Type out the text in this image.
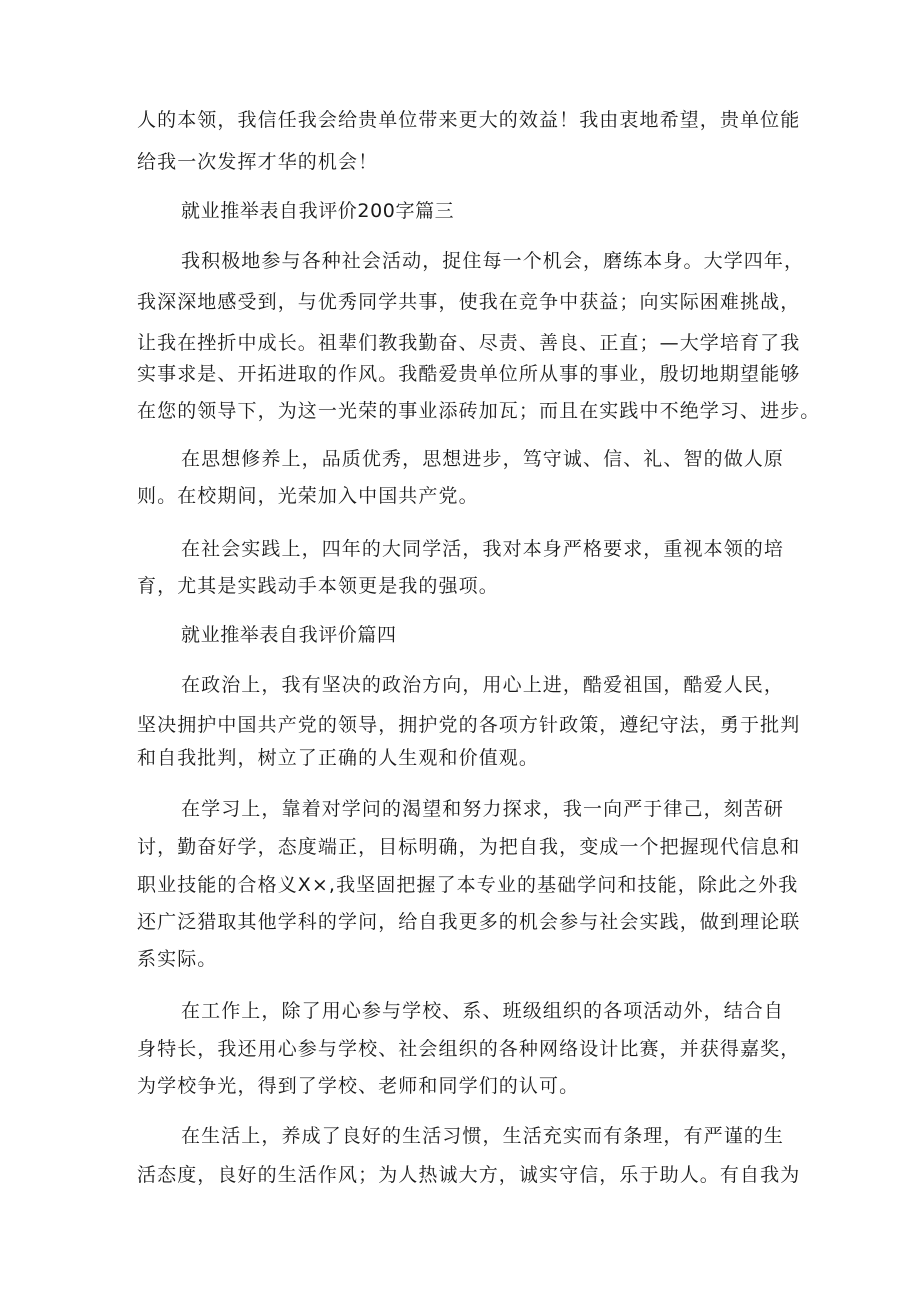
人的本领，我信任我会给贵单位带来更大的效益！我由衷地希望，贵单位能
给我一次发挥才华的机会！
就业推举表自我评价200字篇三
我积极地参与各种社会活动，捉住每一个机会，磨练本身。大学四年，
我深深地感受到，与优秀同学共事，使我在竞争中获益；向实际困难挑战，
让我在挫折中成长。祖辈们教我勤奋、尽责、善良、正直；—大学培育了我
实事求是、开拓进取的作风。我酷爱贵单位所从事的事业，殷切地期望能够
在您的领导下，为这一光荣的事业添砖加瓦；而且在实践中不绝学习、进步。
在思想修养上，品质优秀，思想进步，笃守诚、信、礼、智的做人原
则。在校期间，光荣加入中国共产党。
在社会实践上，四年的大同学活，我对本身严格要求，重视本领的培
育，尤其是实践动手本领更是我的强项。
就业推举表自我评价篇四
在政治上，我有坚决的政治方向，用心上进，酷爱祖国，酷爱人民，
坚决拥护中国共产党的领导，拥护党的各项方针政策，遵纪守法，勇于批判
和自我批判，树立了正确的人生观和价值观。
在学习上，靠着对学问的渴望和努力探求，我一向严于律己，刻苦研
讨，勤奋好学，态度端正，目标明确，为把自我，变成一个把握现代信息和
职业技能的合格义X×,我坚固把握了本专业的基础学问和技能，除此之外我
还广泛猎取其他学科的学问，给自我更多的机会参与社会实践，做到理论联
系实际。
在工作上，除了用心参与学校、系、班级组织的各项活动外，结合自
身特长，我还用心参与学校、社会组织的各种网络设计比赛，并获得嘉奖，
为学校争光，得到了学校、老师和同学们的认可。
在生活上，养成了良好的生活习惯，生活充实而有条理，有严谨的生
活态度，良好的生活作风；为人热诚大方，诚实守信，乐于助人。有自我为
